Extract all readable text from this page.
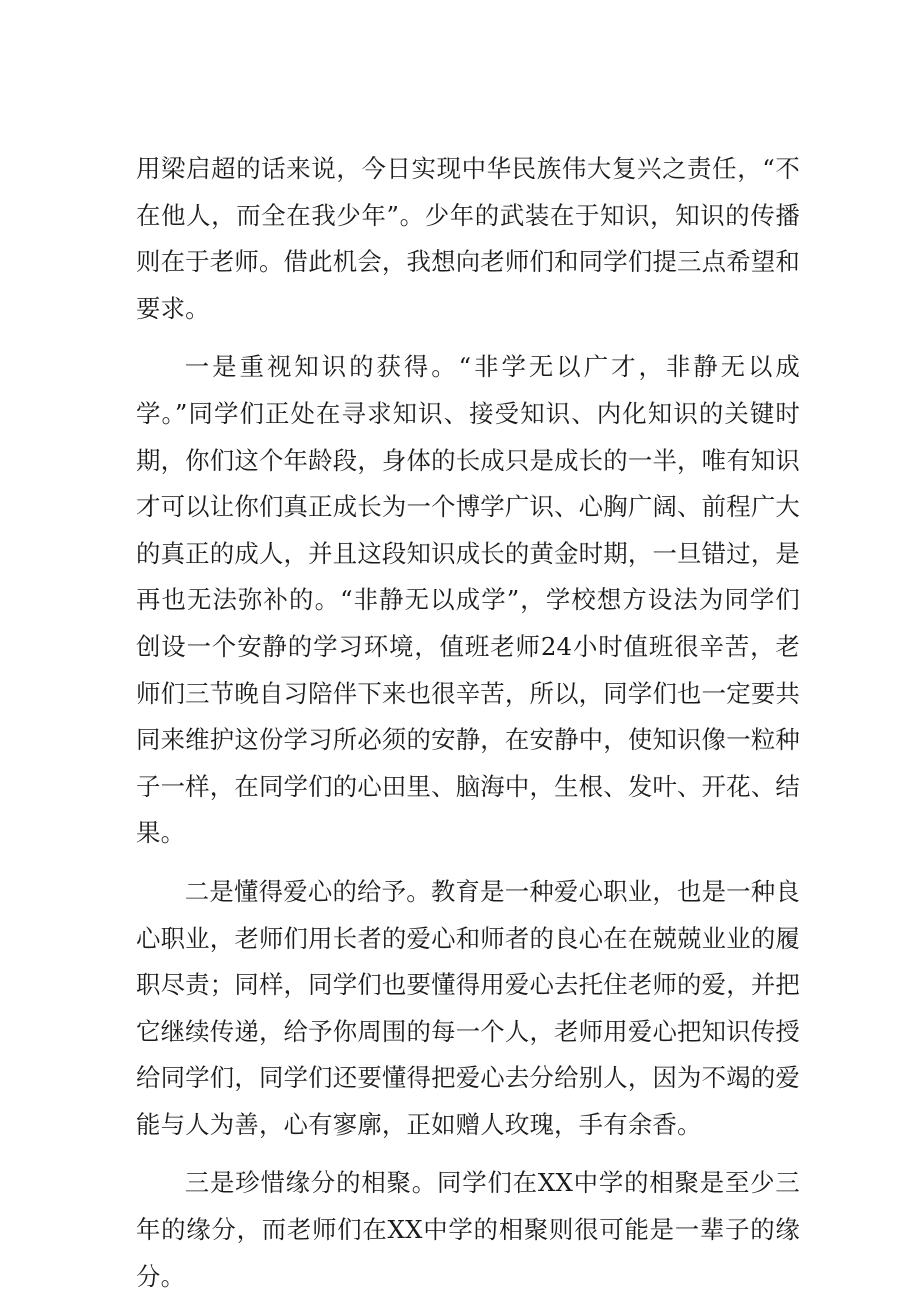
用梁启超的话来说，今日实现中华民族伟大复兴之责任，“不在他人，而全在我少年”。少年的武装在于知识，知识的传播则在于老师。借此机会，我想向老师们和同学们提三点希望和要求。

一是重视知识的获得。“非学无以广才，非静无以成学。”同学们正处在寻求知识、接受知识、内化知识的关键时期，你们这个年龄段，身体的长成只是成长的一半，唯有知识才可以让你们真正成长为一个博学广识、心胸广阔、前程广大的真正的成人，并且这段知识成长的黄金时期，一旦错过，是再也无法弥补的。“非静无以成学”，学校想方设法为同学们创设一个安静的学习环境，值班老师24小时值班很辛苦，老师们三节晚自习陪伴下来也很辛苦，所以，同学们也一定要共同来维护这份学习所必须的安静，在安静中，使知识像一粒种子一样，在同学们的心田里、脑海中，生根、发叶、开花、结果。

二是懂得爱心的给予。教育是一种爱心职业，也是一种良心职业，老师们用长者的爱心和师者的良心在在兢兢业业的履职尽责；同样，同学们也要懂得用爱心去托住老师的爱，并把它继续传递，给予你周围的每一个人，老师用爱心把知识传授给同学们，同学们还要懂得把爱心去分给别人，因为不竭的爱能与人为善，心有寥廓，正如赠人玫瑰，手有余香。

三是珍惜缘分的相聚。同学们在XX中学的相聚是至少三年的缘分，而老师们在XX中学的相聚则很可能是一辈子的缘分。
